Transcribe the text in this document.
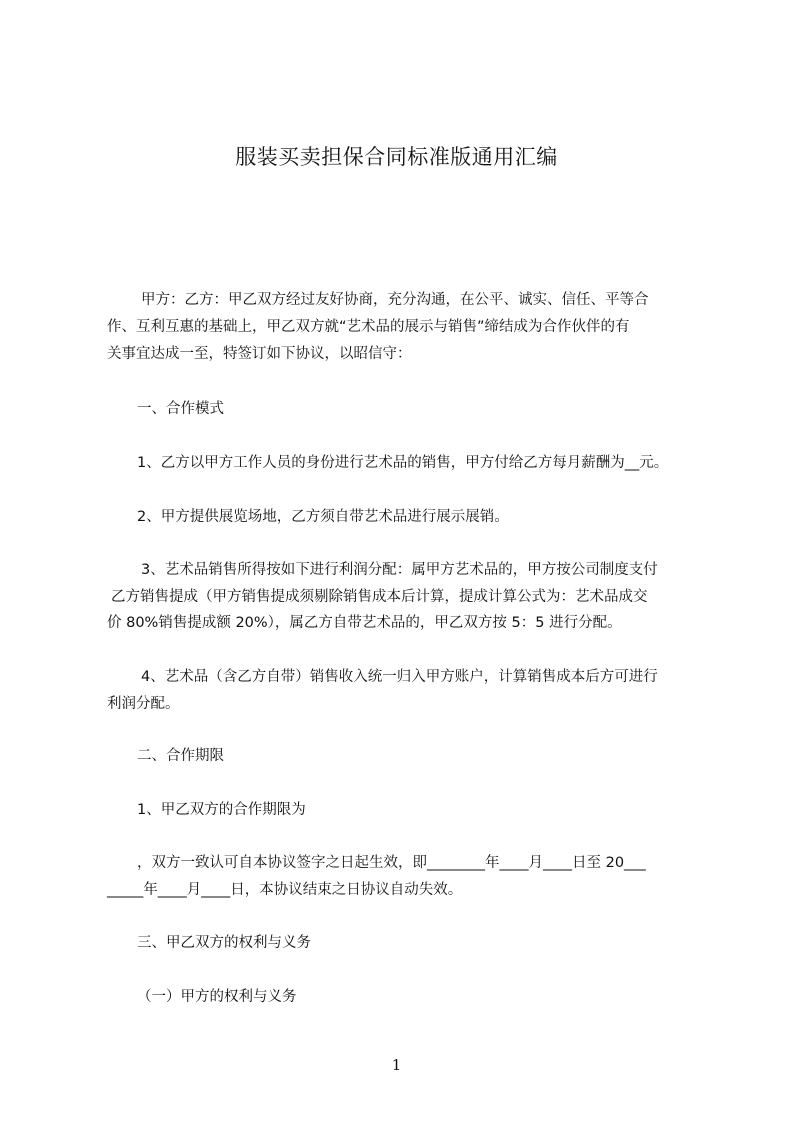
服装买卖担保合同标准版通用汇编
甲方：乙方：甲乙双方经过友好协商，充分沟通，在公平、诚实、信任、平等合
作、互利互惠的基础上，甲乙双方就“艺术品的展示与销售”缔结成为合作伙伴的有
关事宜达成一至，特签订如下协议，以昭信守：
一、合作模式
1、乙方以甲方工作人员的身份进行艺术品的销售，甲方付给乙方每月薪酬为__元。
2、甲方提供展览场地，乙方须自带艺术品进行展示展销。
3、艺术品销售所得按如下进行利润分配：属甲方艺术品的，甲方按公司制度支付
乙方销售提成（甲方销售提成须剔除销售成本后计算，提成计算公式为：艺术品成交
价 80%销售提成额 20%），属乙方自带艺术品的，甲乙双方按 5：5 进行分配。
4、艺术品（含乙方自带）销售收入统一归入甲方账户，计算销售成本后方可进行
利润分配。
二、合作期限
1、甲乙双方的合作期限为
，双方一致认可自本协议签字之日起生效，即________年____月____日至 20___
_____年____月____日，本协议结束之日协议自动失效。
三、甲乙双方的权利与义务
（一）甲方的权利与义务
1
